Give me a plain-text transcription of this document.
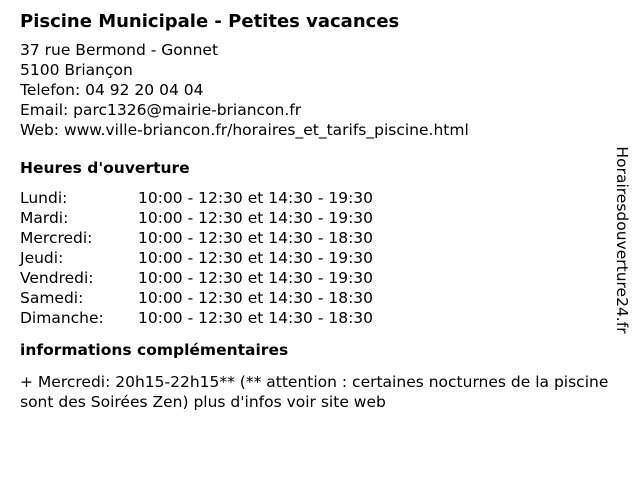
Piscine Municipale - Petites vacances
37 rue Bermond - Gonnet
5100 Briançon
Telefon: 04 92 20 04 04
Email: parc1326@mairie-briancon.fr
Web: www.ville-briancon.fr/horaires_et_tarifs_piscine.html
Heures d'ouverture
Lundi:	10:00 - 12:30 et 14:30 - 19:30
Mardi:	10:00 - 12:30 et 14:30 - 19:30
Mercredi:	10:00 - 12:30 et 14:30 - 18:30
Jeudi:	10:00 - 12:30 et 14:30 - 19:30
Vendredi:	10:00 - 12:30 et 14:30 - 19:30
Samedi:	10:00 - 12:30 et 14:30 - 18:30
Dimanche:	10:00 - 12:30 et 14:30 - 18:30
informations complémentaires
+ Mercredi: 20h15-22h15** (** attention : certaines nocturnes de la piscine sont des Soirées Zen) plus d'infos voir site web
Horairesdouverture24.fr
